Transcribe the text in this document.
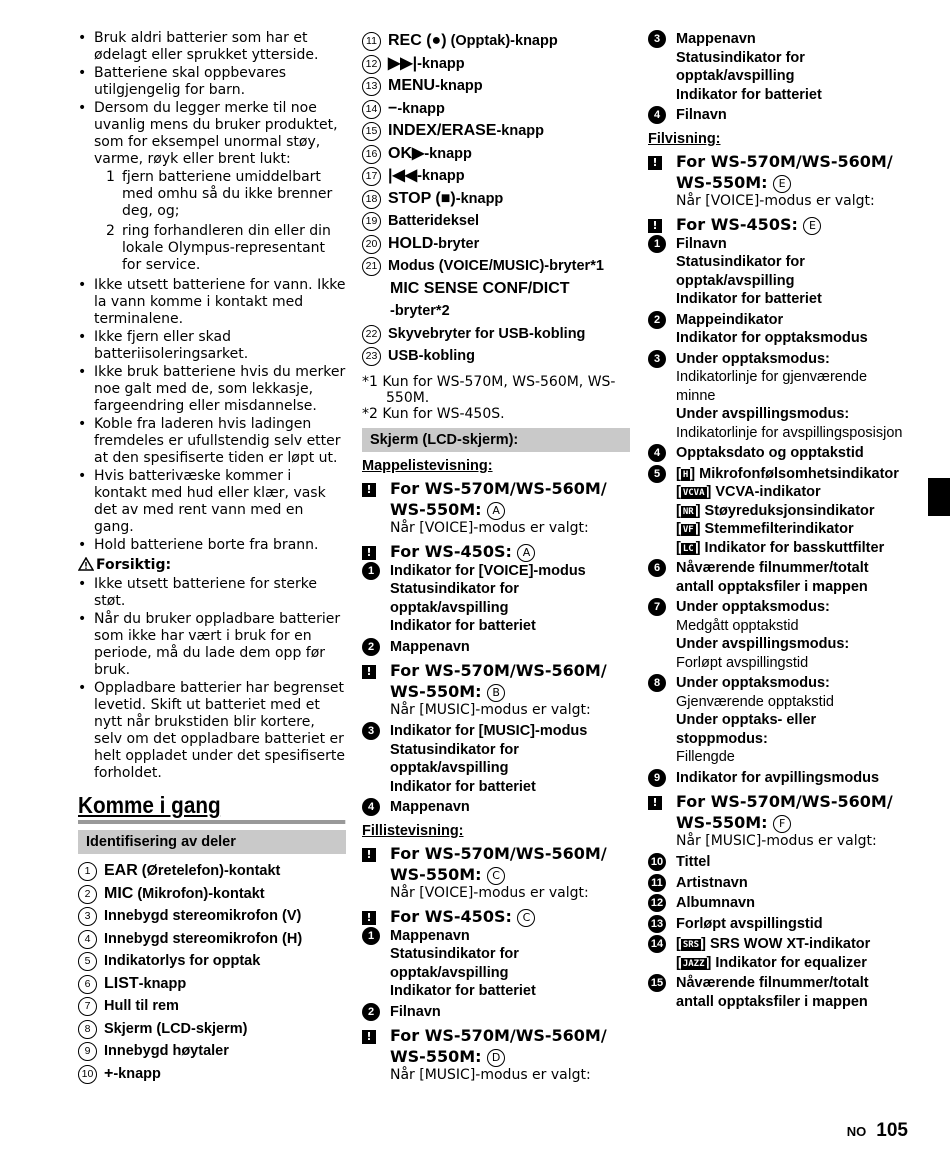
• Bruk aldri batterier som har et ødelagt eller sprukket ytterside.
• Batteriene skal oppbevares utilgjengelig for barn.
• Dersom du legger merke til noe uvanlig mens du bruker produktet, som for eksempel unormal støy, varme, røyk eller brent lukt:
1 fjern batteriene umiddelbart med omhu så du ikke brenner deg, og;
2 ring forhandleren din eller din lokale Olympus-representant for service.
• Ikke utsett batteriene for vann. Ikke la vann komme i kontakt med terminalene.
• Ikke fjern eller skad batteriisoleringsarket.
• Ikke bruk batteriene hvis du merker noe galt med de, som lekkasje, fargeendring eller misdannelse.
• Koble fra laderen hvis ladingen fremdeles er ufullstendig selv etter at den spesifiserte tiden er løpt ut.
• Hvis batterivæske kommer i kontakt med hud eller klær, vask det av med rent vann med en gang.
• Hold batteriene borte fra brann.
Forsiktig:
• Ikke utsett batteriene for sterke støt.
• Når du bruker oppladbare batterier som ikke har vært i bruk for en periode, må du lade dem opp før bruk.
• Oppladbare batterier har begrenset levetid. Skift ut batteriet med et nytt når brukstiden blir kortere, selv om det oppladbare batteriet er helt oppladet under det spesifiserte forholdet.
Komme i gang
Identifisering av deler
1 EAR (Øretelefon)-kontakt
2 MIC (Mikrofon)-kontakt
3 Innebygd stereomikrofon (V)
4 Innebygd stereomikrofon (H)
5 Indikatorlys for opptak
6 LIST-knapp
7 Hull til rem
8 Skjerm (LCD-skjerm)
9 Innebygd høytaler
10 +-knapp
11 REC (●) (Opptak)-knapp
12 ▶▶|-knapp
13 MENU-knapp
14 −-knapp
15 INDEX/ERASE-knapp
16 OK▶-knapp
17 |◀◀-knapp
18 STOP (■)-knapp
19 Batterideksel
20 HOLD-bryter
21 Modus (VOICE/MUSIC)-bryter*1
MIC SENSE CONF/DICT
-bryter*2
22 Skyvebryter for USB-kobling
23 USB-kobling
*1 Kun for WS-570M, WS-560M, WS-550M.
*2 Kun for WS-450S.
Skjerm (LCD-skjerm):
Mappelistevisning:
! For WS-570M/WS-560M/ WS-550M: A
Når [VOICE]-modus er valgt:
! For WS-450S: A
1	Indikator for [VOICE]-modus
Statusindikator for opptak/avspilling
Indikator for batteriet
2	Mappenavn
! For WS-570M/WS-560M/ WS-550M: B
Når [MUSIC]-modus er valgt:
3	Indikator for [MUSIC]-modus
Statusindikator for opptak/avspilling
Indikator for batteriet
4	Mappenavn
Fillistevisning:
! For WS-570M/WS-560M/ WS-550M: C
Når [VOICE]-modus er valgt:
! For WS-450S: C
1	Mappenavn
Statusindikator for opptak/avspilling
Indikator for batteriet
2	Filnavn
! For WS-570M/WS-560M/ WS-550M: D
Når [MUSIC]-modus er valgt:
3	Mappenavn
Statusindikator for opptak/avspilling
Indikator for batteriet
4	Filnavn
Filvisning:
! For WS-570M/WS-560M/ WS-550M: E
Når [VOICE]-modus er valgt:
! For WS-450S: E
1	Filnavn
Statusindikator for opptak/avspilling
Indikator for batteriet
2	Mappeindikator
Indikator for opptaksmodus
3	Under opptaksmodus:
Indikatorlinje for gjenværende minne
Under avspillingsmodus:
Indikatorlinje for avspillingsposisjon
4	Opptaksdato og opptakstid
5	[ H ] Mikrofonfølsomhetsindikator
[ VCVA ] VCVA-indikator
[ NR ] Støyreduksjonsindikator
[ VF ] Stemmefilterindikator
[ LC ] Indikator for basskuttfilter
6	Nåværende filnummer/totalt antall opptaksfiler i mappen
7	Under opptaksmodus:
Medgått opptakstid
Under avspillingsmodus:
Forløpt avspillingstid
8	Under opptaksmodus:
Gjenværende opptakstid
Under opptaks- eller stoppmodus:
Fillengde
9	Indikator for avpillingsmodus
! For WS-570M/WS-560M/ WS-550M: F
Når [MUSIC]-modus er valgt:
10 Tittel
11 Artistnavn
12 Albumnavn
13 Forløpt avspillingstid
14 [ SRS ] SRS WOW XT-indikator
[ JAZZ ] Indikator for equalizer
15 Nåværende filnummer/totalt antall opptaksfiler i mappen
NO 105
